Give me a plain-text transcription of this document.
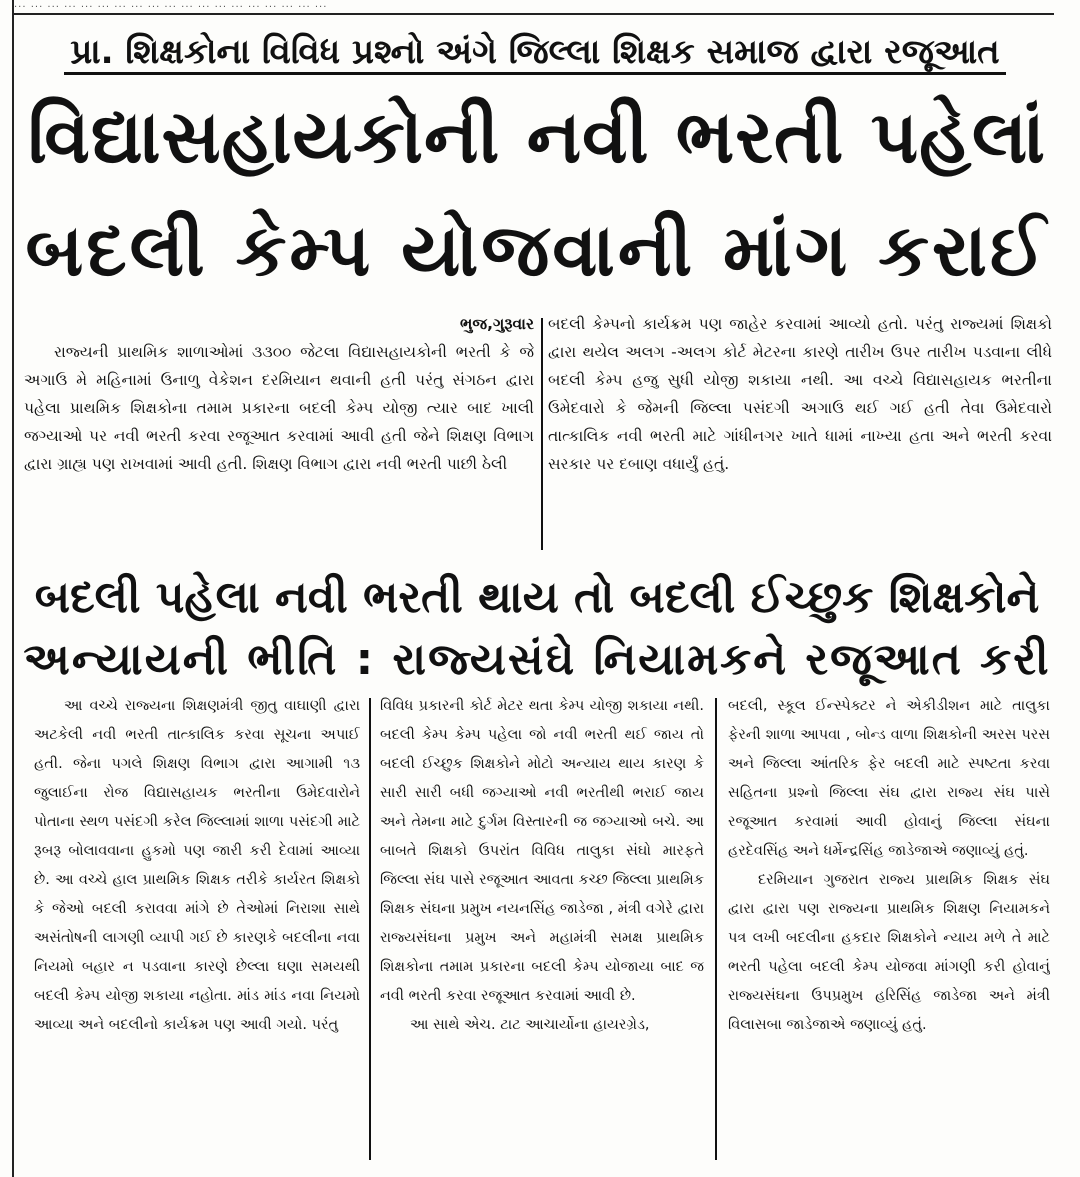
... ... ... ... ... ... ... ... ... ... ... ... ... ... ... ... ... ... ...
પ્રા. શિક્ષકોના વિવિધ પ્રશ્નો અંગે જિલ્લા શિક્ષક સમાજ દ્વારા રજૂઆત
વિદ્યાસહાયકોની નવી ભરતી પહેલાં
બદલી કેમ્પ યોજવાની માંગ કરાઈ

ભુજ,ગુરૂવાર

રાજ્યની પ્રાથમિક શાળાઓમાં ૩૩૦૦ જેટલા વિદ્યાસહાયકોની ભરતી કે જે અગાઉ મે મહિનામાં ઉનાળુ વેકેશન દરમિયાન થવાની હતી પરંતુ સંગઠન દ્વારા પહેલા પ્રાથમિક શિક્ષકોના તમામ પ્રકારના બદલી કેમ્પ યોજી ત્યાર બાદ ખાલી જગ્યાઓ પર નવી ભરતી કરવા રજૂઆત કરવામાં આવી હતી જેને શિક્ષણ વિભાગ દ્વારા ગ્રાહ્ય પણ રાખવામાં આવી હતી. શિક્ષણ વિભાગ દ્વારા નવી ભરતી પાછી ઠેલી

બદલી કેમ્પનો કાર્યક્રમ પણ જાહેર કરવામાં આવ્યો હતો. પરંતુ રાજ્યમાં શિક્ષકો દ્વારા થયેલ અલગ -અલગ કોર્ટ મેટરના કારણે તારીખ ઉપર તારીખ પડવાના લીધે બદલી કેમ્પ હજુ સુધી યોજી શકાયા નથી. આ વચ્ચે વિદ્યાસહાયક ભરતીના ઉમેદવારો કે જેમની જિલ્લા પસંદગી અગાઉ થઈ ગઈ હતી તેવા ઉમેદવારો તાત્કાલિક નવી ભરતી માટે ગાંધીનગર ખાતે ધામાં નાખ્યા હતા અને ભરતી કરવા સરકાર પર દબાણ વધાર્યું હતું.

બદલી પહેલા નવી ભરતી થાય તો બદલી ઈચ્છુક શિક્ષકોને
અન્યાયની ભીતિ : રાજ્યસંઘે નિયામકને રજૂઆત કરી

આ વચ્ચે રાજ્યના શિક્ષણમંત્રી જીતુ વાઘાણી દ્વારા અટકેલી નવી ભરતી તાત્કાલિક કરવા સૂચના અપાઈ હતી. જેના પગલે શિક્ષણ વિભાગ દ્વારા આગામી ૧૩ જુલાઈના રોજ વિદ્યાસહાયક ભરતીના ઉમેદવારોને પોતાના સ્થળ પસંદગી કરેલ જિલ્લામાં શાળા પસંદગી માટે રૂબરૂ બોલાવવાના હુકમો પણ જારી કરી દેવામાં આવ્યા છે. આ વચ્ચે હાલ પ્રાથમિક શિક્ષક તરીકે કાર્યરત શિક્ષકો કે જેઓ બદલી કરાવવા માંગે છે તેઓમાં નિરાશા સાથે અસંતોષની લાગણી વ્યાપી ગઈ છે કારણકે બદલીના નવા નિયમો બહાર ન પડવાના કારણે છેલ્લા ઘણા સમયથી બદલી કેમ્પ યોજી શકાયા નહોતા. માંડ માંડ નવા નિયમો આવ્યા અને બદલીનો કાર્યક્રમ પણ આવી ગયો. પરંતુ

વિવિધ પ્રકારની કોર્ટ મેટર થતા કેમ્પ યોજી શકાયા નથી. બદલી કેમ્પ કેમ્પ પહેલા જો નવી ભરતી થઈ જાય તો બદલી ઈચ્છુક શિક્ષકોને મોટો અન્યાય થાય કારણ કે સારી સારી બધી જગ્યાઓ નવી ભરતીથી ભરાઈ જાય અને તેમના માટે દુર્ગમ વિસ્તારની જ જગ્યાઓ બચે. આ બાબતે શિક્ષકો ઉપરાંત વિવિધ તાલુકા સંઘો મારફતે જિલ્લા સંઘ પાસે રજૂઆત આવતા કચ્છ જિલ્લા પ્રાથમિક શિક્ષક સંઘના પ્રમુખ નયનસિંહ જાડેજા , મંત્રી વગેરે દ્વારા રાજ્યસંઘના પ્રમુખ અને મહામંત્રી સમક્ષ પ્રાથમિક શિક્ષકોના તમામ પ્રકારના બદલી કેમ્પ યોજાયા બાદ જ નવી ભરતી કરવા રજૂઆત કરવામાં આવી છે.

આ સાથે એચ. ટાટ આચાર્યોના હાયરગ્રેડ,

બદલી, સ્કૂલ ઈન્સ્પેક્ટર ને એકીડીશન માટે તાલુકા ફેરની શાળા આપવા , બોન્ડ વાળા શિક્ષકોની અરસ પરસ અને જિલ્લા આંતરિક ફેર બદલી માટે સ્પષ્ટતા કરવા સહિતના પ્રશ્નો જિલ્લા સંઘ દ્વારા રાજ્ય સંઘ પાસે રજૂઆત કરવામાં આવી હોવાનું જિલ્લા સંઘના હરદેવસિંહ અને ધર્મેન્દ્રસિંહ જાડેજાએ જણાવ્યું હતું.

દરમિયાન ગુજરાત રાજ્ય પ્રાથમિક શિક્ષક સંઘ દ્વારા દ્વારા પણ રાજ્યના પ્રાથમિક શિક્ષણ નિયામકને પત્ર લખી બદલીના હકદાર શિક્ષકોને ન્યાય મળે તે માટે ભરતી પહેલા બદલી કેમ્પ યોજવા માંગણી કરી હોવાનું રાજ્યસંઘના ઉપપ્રમુખ હરિસિંહ જાડેજા અને મંત્રી વિલાસબા જાડેજાએ જણાવ્યું હતું.
